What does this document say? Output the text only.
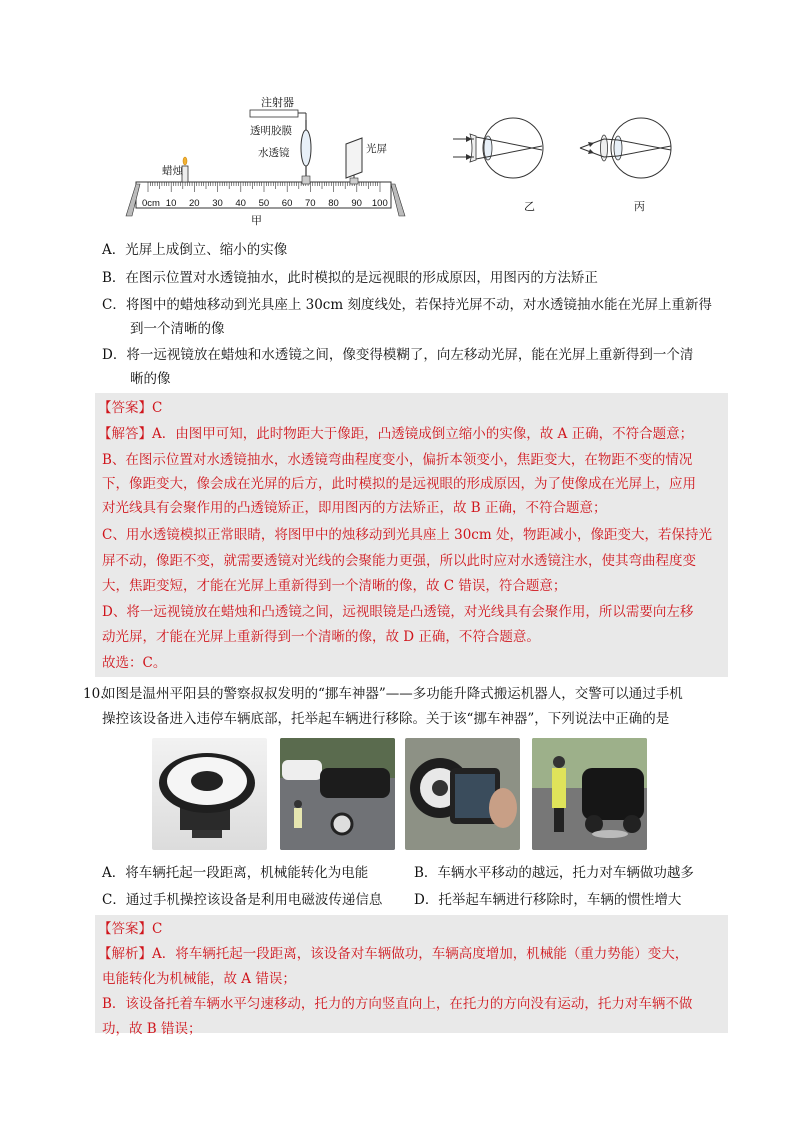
注射器
透明胶膜
水透镜
蜡烛
光屏
0cm 10 20 30 40 50 60 70 80 90 100
甲
乙	丙
A．光屏上成倒立、缩小的实像
B．在图示位置对水透镜抽水，此时模拟的是远视眼的形成原因，用图丙的方法矫正
C．将图中的蜡烛移动到光具座上 30cm 刻度线处，若保持光屏不动，对水透镜抽水能在光屏上重新得
到一个清晰的像
D．将一远视镜放在蜡烛和水透镜之间，像变得模糊了，向左移动光屏，能在光屏上重新得到一个清
晰的像
【答案】C
【解答】A．由图甲可知，此时物距大于像距，凸透镜成倒立缩小的实像，故 A 正确，不符合题意；
B、在图示位置对水透镜抽水，水透镜弯曲程度变小，偏折本领变小，焦距变大，在物距不变的情况
下，像距变大，像会成在光屏的后方，此时模拟的是远视眼的形成原因，为了使像成在光屏上，应用
对光线具有会聚作用的凸透镜矫正，即用图丙的方法矫正，故 B 正确，不符合题意；
C、用水透镜模拟正常眼睛，将图甲中的烛移动到光具座上 30cm 处，物距减小，像距变大，若保持光
屏不动，像距不变，就需要透镜对光线的会聚能力更强，所以此时应对水透镜注水，使其弯曲程度变
大，焦距变短，才能在光屏上重新得到一个清晰的像，故 C 错误，符合题意；
D、将一远视镜放在蜡烛和凸透镜之间，远视眼镜是凸透镜，对光线具有会聚作用，所以需要向左移
动光屏，才能在光屏上重新得到一个清晰的像，故 D 正确，不符合题意。
故选：C。
10.
如图是温州平阳县的警察叔叔发明的“挪车神器”——多功能升降式搬运机器人，交警可以通过手机
操控该设备进入违停车辆底部，托举起车辆进行移除。关于该“挪车神器”，下列说法中正确的是
A．将车辆托起一段距离，机械能转化为电能	B．车辆水平移动的越远，托力对车辆做功越多
C．通过手机操控该设备是利用电磁波传递信息 D．托举起车辆进行移除时，车辆的惯性增大
【答案】C
【解析】A．将车辆托起一段距离，该设备对车辆做功，车辆高度增加，机械能（重力势能）变大，
电能转化为机械能，故 A 错误；
B．该设备托着车辆水平匀速移动，托力的方向竖直向上，在托力的方向没有运动，托力对车辆不做
功，故 B 错误；
